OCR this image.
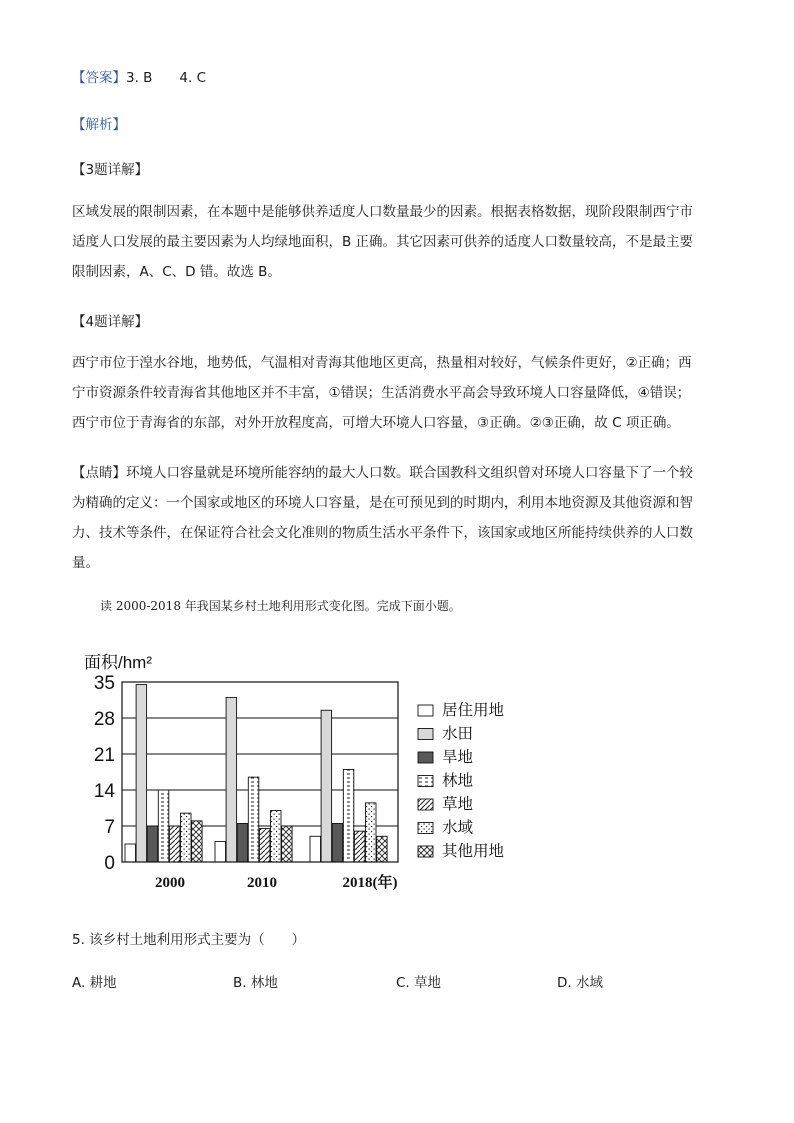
【答案】3. B　　4. C
【解析】
【3题详解】
区域发展的限制因素，在本题中是能够供养适度人口数量最少的因素。根据表格数据，现阶段限制西宁市
适度人口发展的最主要因素为人均绿地面积，B 正确。其它因素可供养的适度人口数量较高，不是最主要
限制因素，A、C、D 错。故选 B。
【4题详解】
西宁市位于湟水谷地，地势低，气温相对青海其他地区更高，热量相对较好，气候条件更好，②正确；西
宁市资源条件较青海省其他地区并不丰富，①错误；生活消费水平高会导致环境人口容量降低，④错误；
西宁市位于青海省的东部，对外开放程度高，可增大环境人口容量，③正确。②③正确，故 C 项正确。
【点睛】环境人口容量就是环境所能容纳的最大人口数。联合国教科文组织曾对环境人口容量下了一个较
为精确的定义：一个国家或地区的环境人口容量，是在可预见到的时期内，利用本地资源及其他资源和智
力、技术等条件，在保证符合社会文化准则的物质生活水平条件下，该国家或地区所能持续供养的人口数
量。
读 2000-2018 年我国某乡村土地利用形式变化图。完成下面小题。
面积/hm²
0
7
14
21
28
35
2000	2010	2018(年)
居住用地
水田
旱地
林地
草地
水域
其他用地
5. 该乡村土地利用形式主要为（　　）
A. 耕地	B. 林地	C. 草地	D. 水域
